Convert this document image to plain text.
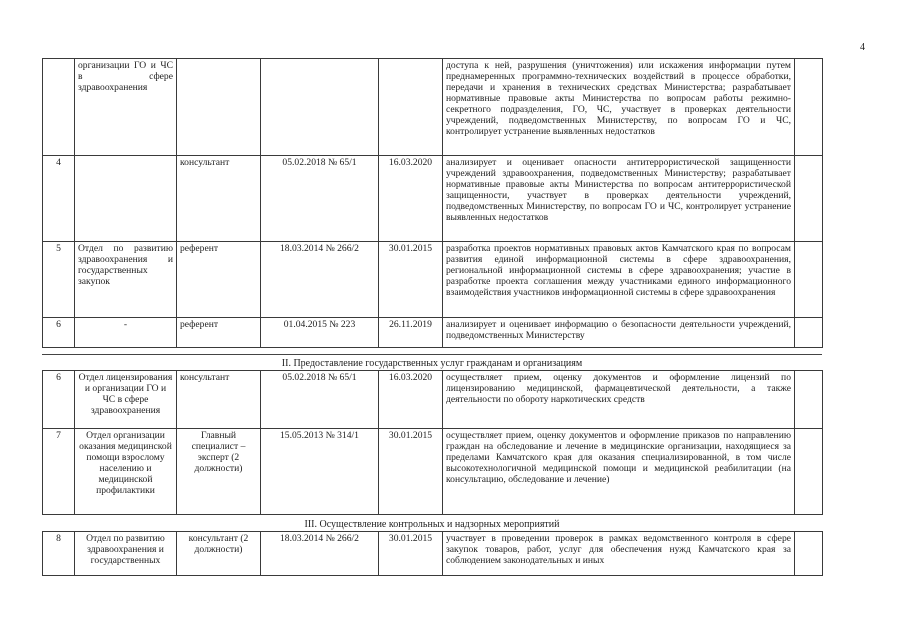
4
	организации ГО и ЧС в сфере здравоохранения				доступа к ней, разрушения (уничтожения) или искажения информации путем преднамеренных программно-технических воздействий в процессе обработки, передачи и хранения в технических средствах Министерства; разрабатывает нормативные правовые акты Министерства по вопросам работы режимно-секретного подразделения, ГО, ЧС, участвует в проверках деятельности учреждений, подведомственных Министерству, по вопросам ГО и ЧС, контролирует устранение выявленных недостатков	
4		консультант	05.02.2018 № 65/1	16.03.2020	анализирует и оценивает опасности антитеррористической защищенности учреждений здравоохранения, подведомственных Министерству; разрабатывает нормативные правовые акты Министерства по вопросам антитеррористической защищенности, участвует в проверках деятельности учреждений, подведомственных Министерству, по вопросам ГО и ЧС, контролирует устранение выявленных недостатков	
5	Отдел по развитию здравоохранения и государственных закупок	референт	18.03.2014 № 266/2	30.01.2015	разработка проектов нормативных правовых актов Камчатского края по вопросам развития единой информационной системы в сфере здравоохранения, региональной информационной системы в сфере здравоохранения; участие в разработке проекта соглашения между участниками единого информационного взаимодействия участников информационной системы в сфере здравоохранения	
6	-	референт	01.04.2015 № 223	26.11.2019	анализирует и оценивает информацию о безопасности деятельности учреждений, подведомственных Министерству	
II. Предоставление государственных услуг гражданам и организациям
6	Отдел лицензирования и организации ГО и ЧС в сфере здравоохранения	консультант	05.02.2018 № 65/1	16.03.2020	осуществляет прием, оценку документов и оформление лицензий по лицензированию медицинской, фармацевтической деятельности, а также деятельности по обороту наркотических средств	
7	Отдел организации оказания медицинской помощи взрослому населению и медицинской профилактики	Главный специалист – эксперт (2 должности)	15.05.2013 № 314/1	30.01.2015	осуществляет прием, оценку документов и оформление приказов по направлению граждан на обследование и лечение в медицинские организации, находящиеся за пределами Камчатского края для оказания специализированной, в том числе высокотехнологичной медицинской помощи и медицинской реабилитации (на консультацию, обследование и лечение)	
III. Осуществление контрольных и надзорных мероприятий
8	Отдел по развитию здравоохранения и государственных	консультант (2 должности)	18.03.2014 № 266/2	30.01.2015	участвует в проведении проверок в рамках ведомственного контроля в сфере закупок товаров, работ, услуг для обеспечения нужд Камчатского края за соблюдением законодательных и иных	
